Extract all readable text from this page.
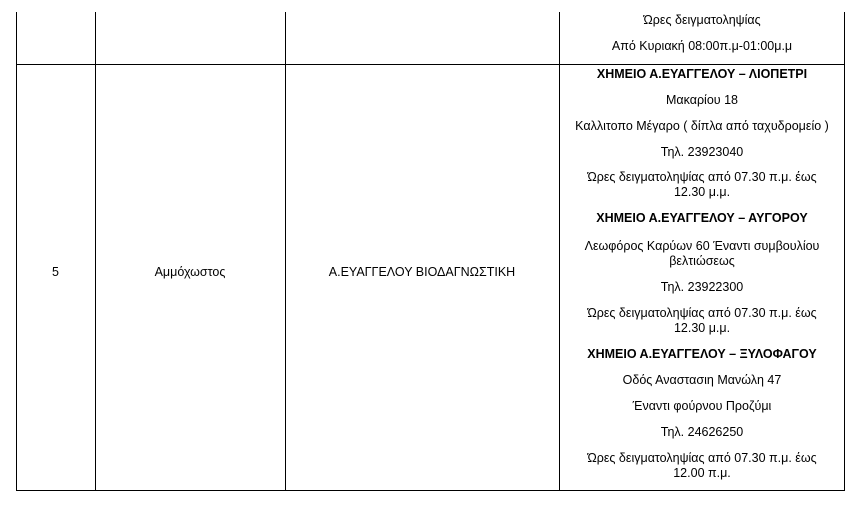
Ώρες δειγματοληψίας
Από Κυριακή 08:00π.μ-01:00μ.μ
5	Αμμόχωστος	Α.ΕΥΑΓΓΕΛΟΥ ΒΙΟΔΑΓΝΩΣΤΙΚΗ
ΧΗΜΕΙΟ Α.ΕΥΑΓΓΕΛΟΥ – ΛΙΟΠΕΤΡΙ
Μακαρίου 18
Καλλιτοπο Μέγαρο ( δίπλα από ταχυδρομείο )
Τηλ. 23923040
Ώρες δειγματοληψίας από 07.30 π.μ. έως 12.30 μ.μ.
ΧΗΜΕΙΟ Α.ΕΥΑΓΓΕΛΟΥ – ΑΥΓΟΡΟΥ
Λεωφόρος Καρύων 60 Έναντι συμβουλίου βελτιώσεως
Τηλ. 23922300
Ώρες δειγματοληψίας από 07.30 π.μ. έως 12.30 μ.μ.
ΧΗΜΕΙΟ Α.ΕΥΑΓΓΕΛΟΥ – ΞΥΛΟΦΑΓΟΥ
Οδός Αναστασιη Μανώλη 47
Έναντι φούρνου Προζύμι
Τηλ. 24626250
Ώρες δειγματοληψίας από 07.30 π.μ. έως 12.00 π.μ.
